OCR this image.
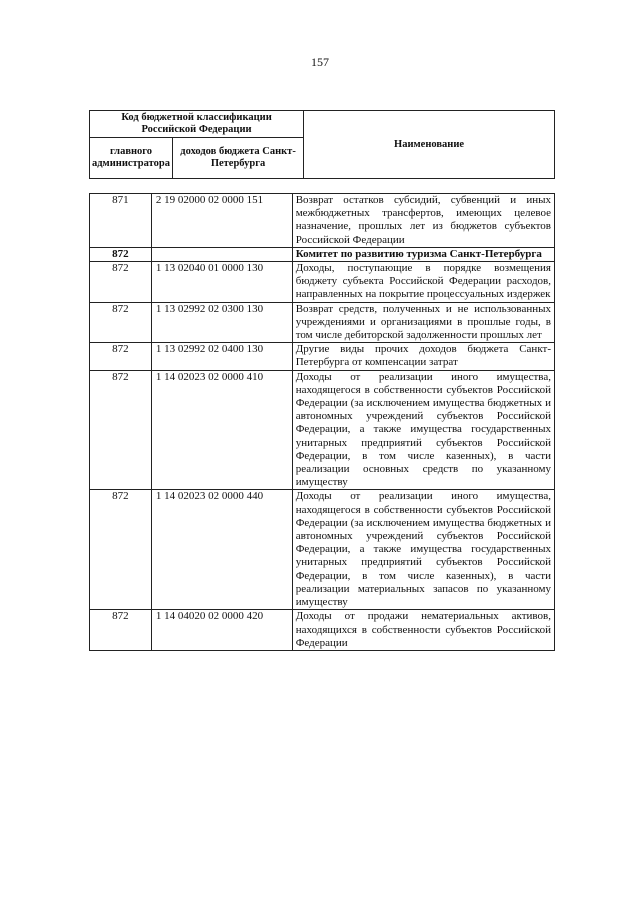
157
Код бюджетной классификации Российской Федерации		Наименование
главного администратора	доходов бюджета Санкт-Петербурга	
871	2 19 02000 02 0000 151	Возврат остатков субсидий, субвенций и иных межбюджетных трансфертов, имеющих целевое назначение, прошлых лет из бюджетов субъектов Российской Федерации
872		Комитет по развитию туризма Санкт-Петербурга
872	1 13 02040 01 0000 130	Доходы, поступающие в порядке возмещения бюджету субъекта Российской Федерации расходов, направленных на покрытие процессуальных издержек
872	1 13 02992 02 0300 130	Возврат средств, полученных и не использованных учреждениями и организациями в прошлые годы, в том числе дебиторской задолженности прошлых лет
872	1 13 02992 02 0400 130	Другие виды прочих доходов бюджета Санкт-Петербурга от компенсации затрат
872	1 14 02023 02 0000 410	Доходы от реализации иного имущества, находящегося в собственности субъектов Российской Федерации (за исключением имущества бюджетных и автономных учреждений субъектов Российской Федерации, а также имущества государственных унитарных предприятий субъектов Российской Федерации, в том числе казенных), в части реализации основных средств по указанному имуществу
872	1 14 02023 02 0000 440	Доходы от реализации иного имущества, находящегося в собственности субъектов Российской Федерации (за исключением имущества бюджетных и автономных учреждений субъектов Российской Федерации, а также имущества государственных унитарных предприятий субъектов Российской Федерации, в том числе казенных), в части реализации материальных запасов по указанному имуществу
872	1 14 04020 02 0000 420	Доходы от продажи нематериальных активов, находящихся в собственности субъектов Российской Федерации
